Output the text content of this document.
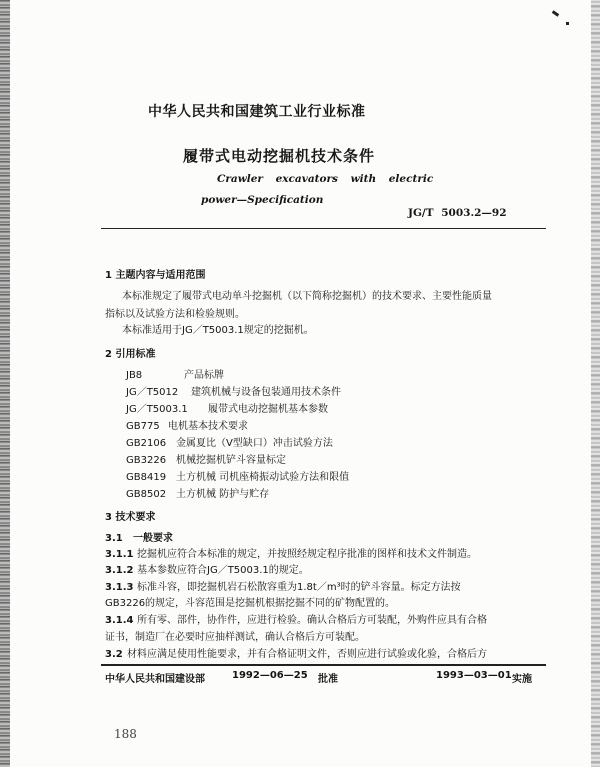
中华人民共和国建筑工业行业标准
履带式电动挖掘机技术条件
Crawler excavators with electric
power—Specification
JG/T 5003.2—92
1 主题内容与适用范围
本标准规定了履带式电动单斗挖掘机（以下简称挖掘机）的技术要求、主要性能质量
指标以及试验方法和检验规则。
本标准适用于JG／T5003.1规定的挖掘机。
2 引用标准
JB8	产品标牌
JG／T5012 建筑机械与设备包装通用技术条件
JG／T5003.1 履带式电动挖掘机基本参数
GB775 电机基本技术要求
GB2106 金属夏比（V型缺口）冲击试验方法
GB3226 机械挖掘机铲斗容量标定
GB8419 土方机械 司机座椅振动试验方法和限值
GB8502 土方机械 防护与贮存
3 技术要求
3.1 一般要求
3.1.1 挖掘机应符合本标准的规定，并按照经规定程序批准的图样和技术文件制造。
3.1.2 基本参数应符合JG／T5003.1的规定。
3.1.3 标准斗容，即挖掘机岩石松散容重为1.8t／m³时的铲斗容量。标定方法按
GB3226的规定，斗容范围是挖掘机根据挖掘不同的矿物配置的。
3.1.4 所有零、部件，协作件，应进行检验。确认合格后方可装配，外购件应具有合格
证书，制造厂在必要时应抽样测试，确认合格后方可装配。
3.2 材料应满足使用性能要求，并有合格证明文件，否则应进行试验或化验，合格后方
中华人民共和国建设部	1992—06—25 批准	1993—03—01 实施
188
